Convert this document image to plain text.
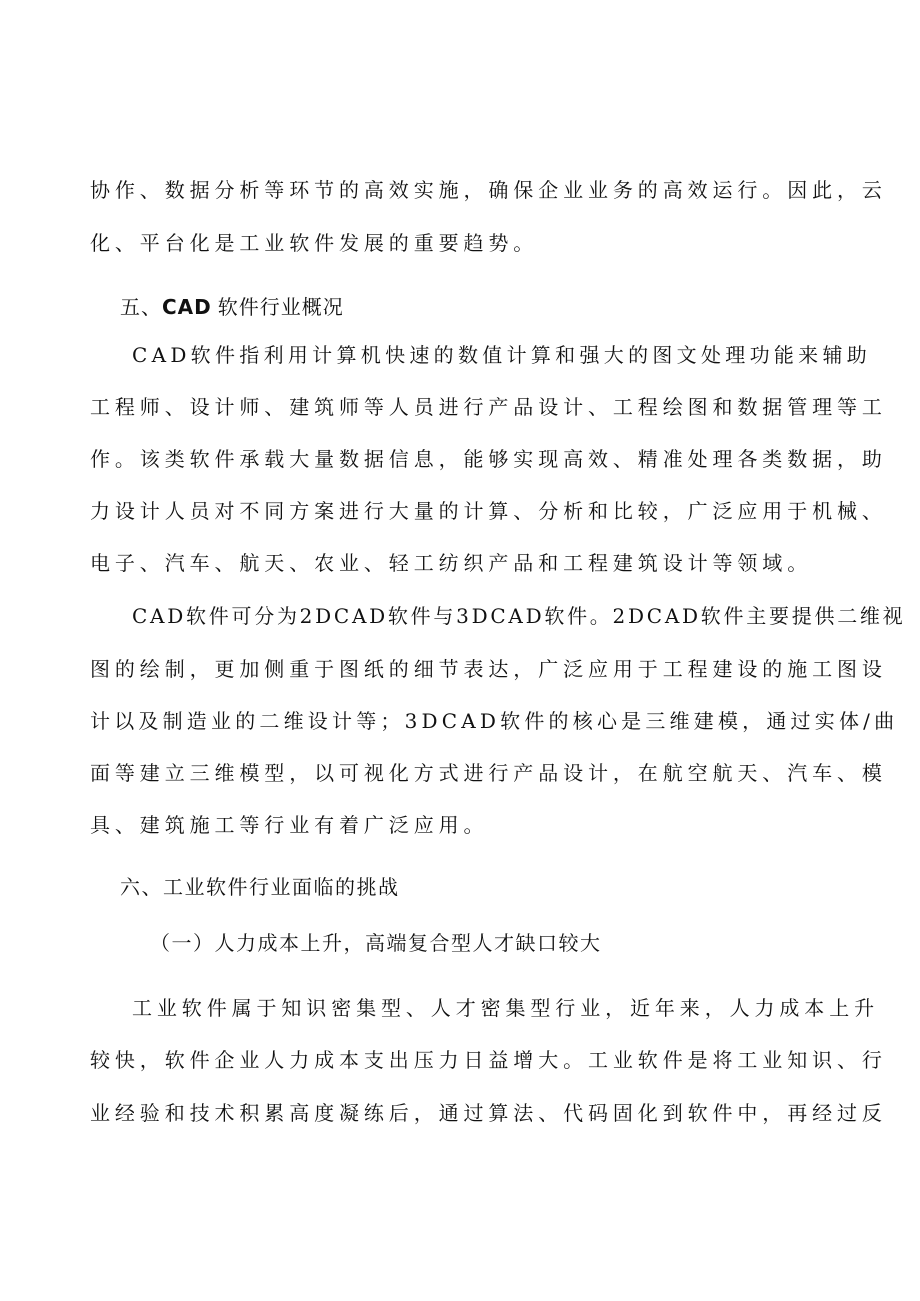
协作、数据分析等环节的高效实施，确保企业业务的高效运行。因此，云
化、平台化是工业软件发展的重要趋势。
五、CAD 软件行业概况
CAD软件指利用计算机快速的数值计算和强大的图文处理功能来辅助
工程师、设计师、建筑师等人员进行产品设计、工程绘图和数据管理等工
作。该类软件承载大量数据信息，能够实现高效、精准处理各类数据，助
力设计人员对不同方案进行大量的计算、分析和比较，广泛应用于机械、
电子、汽车、航天、农业、轻工纺织产品和工程建筑设计等领域。
CAD软件可分为2DCAD软件与3DCAD软件。2DCAD软件主要提供二维视
图的绘制，更加侧重于图纸的细节表达，广泛应用于工程建设的施工图设
计以及制造业的二维设计等；3DCAD软件的核心是三维建模，通过实体/曲
面等建立三维模型，以可视化方式进行产品设计，在航空航天、汽车、模
具、建筑施工等行业有着广泛应用。
六、工业软件行业面临的挑战
（一）人力成本上升，高端复合型人才缺口较大
工业软件属于知识密集型、人才密集型行业，近年来，人力成本上升
较快，软件企业人力成本支出压力日益增大。工业软件是将工业知识、行
业经验和技术积累高度凝练后，通过算法、代码固化到软件中，再经过反
